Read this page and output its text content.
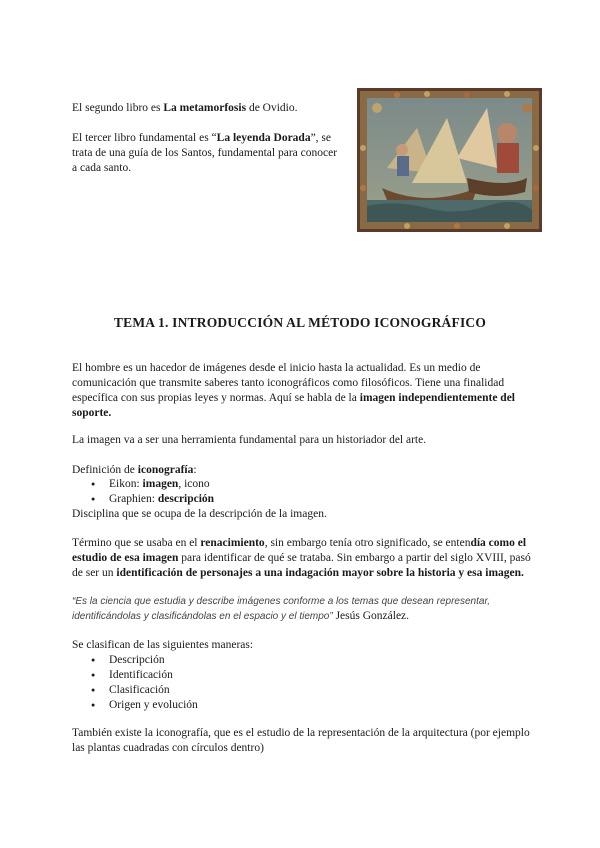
El segundo libro es La metamorfosis de Ovidio.

El tercer libro fundamental es “La leyenda Dorada”, se trata de una guía de los Santos, fundamental para conocer a cada santo.

TEMA 1. INTRODUCCIÓN AL MÉTODO ICONOGRÁFICO

El hombre es un hacedor de imágenes desde el inicio hasta la actualidad. Es un medio de comunicación que transmite saberes tanto iconográficos como filosóficos. Tiene una finalidad específica con sus propias leyes y normas. Aquí se habla de la imagen independientemente del soporte.

La imagen va a ser una herramienta fundamental para un historiador del arte.

Definición de iconografía:

● Eikon: imagen, icono
● Graphien: descripción

Disciplina que se ocupa de la descripción de la imagen.

Término que se usaba en el renacimiento, sin embargo tenía otro significado, se entendía como el estudio de esa imagen para identificar de qué se trataba. Sin embargo a partir del siglo XVIII, pasó de ser un identificación de personajes a una indagación mayor sobre la historia y esa imagen.

“Es la ciencia que estudia y describe imágenes conforme a los temas que desean representar, identificándolas y clasificándolas en el espacio y el tiempo” Jesús González.

Se clasifican de las siguientes maneras:

● Descripción
● Identificación
● Clasificación
● Origen y evolución

También existe la iconografía, que es el estudio de la representación de la arquitectura (por ejemplo las plantas cuadradas con círculos dentro)
